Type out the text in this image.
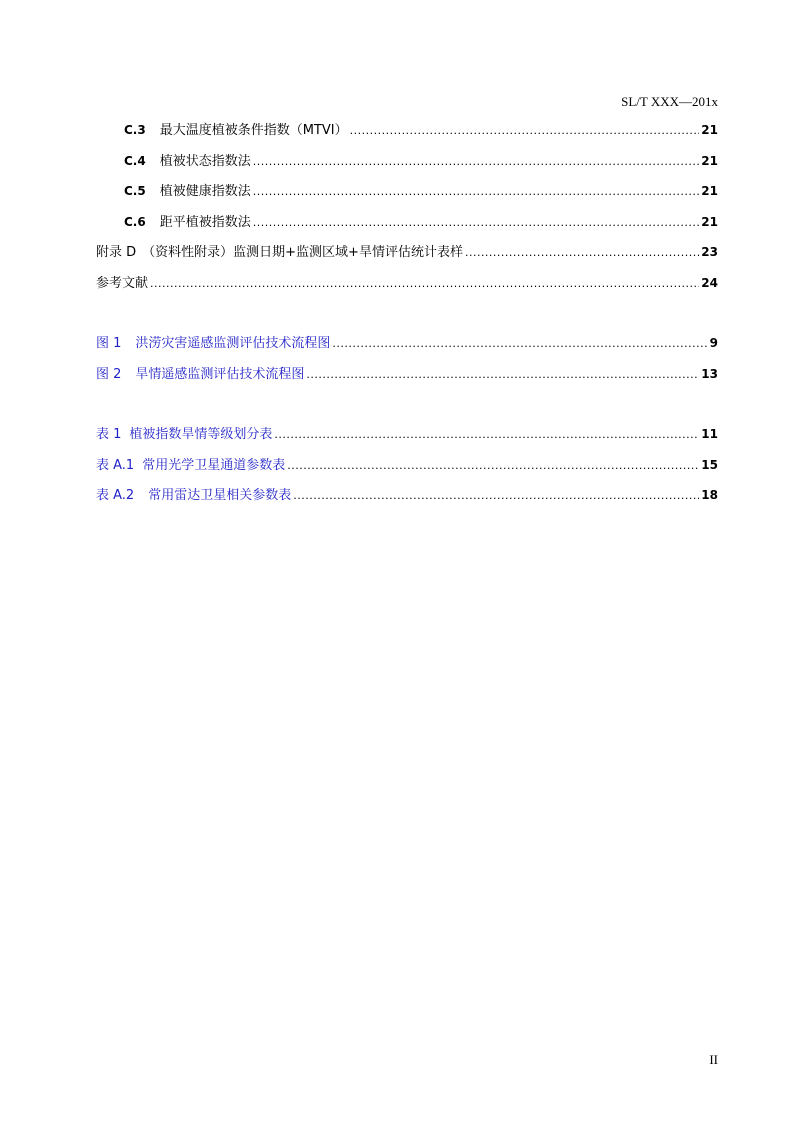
SL/T XXX—201x
C.3 最大温度植被条件指数（MTVI） .....	21
C.4 植被状态指数法 .....	21
C.5 植被健康指数法 .....	21
C.6 距平植被指数法 .....	21
附录 D （资料性附录）监测日期+监测区域+旱情评估统计表样 .....	23
参考文献 .....	24
图 1 洪涝灾害遥感监测评估技术流程图 .....	9
图 2 旱情遥感监测评估技术流程图 .....	13
表 1 植被指数旱情等级划分表 .....	11
表 A.1 常用光学卫星通道参数表 .....	15
表 A.2 常用雷达卫星相关参数表 .....	18
II
